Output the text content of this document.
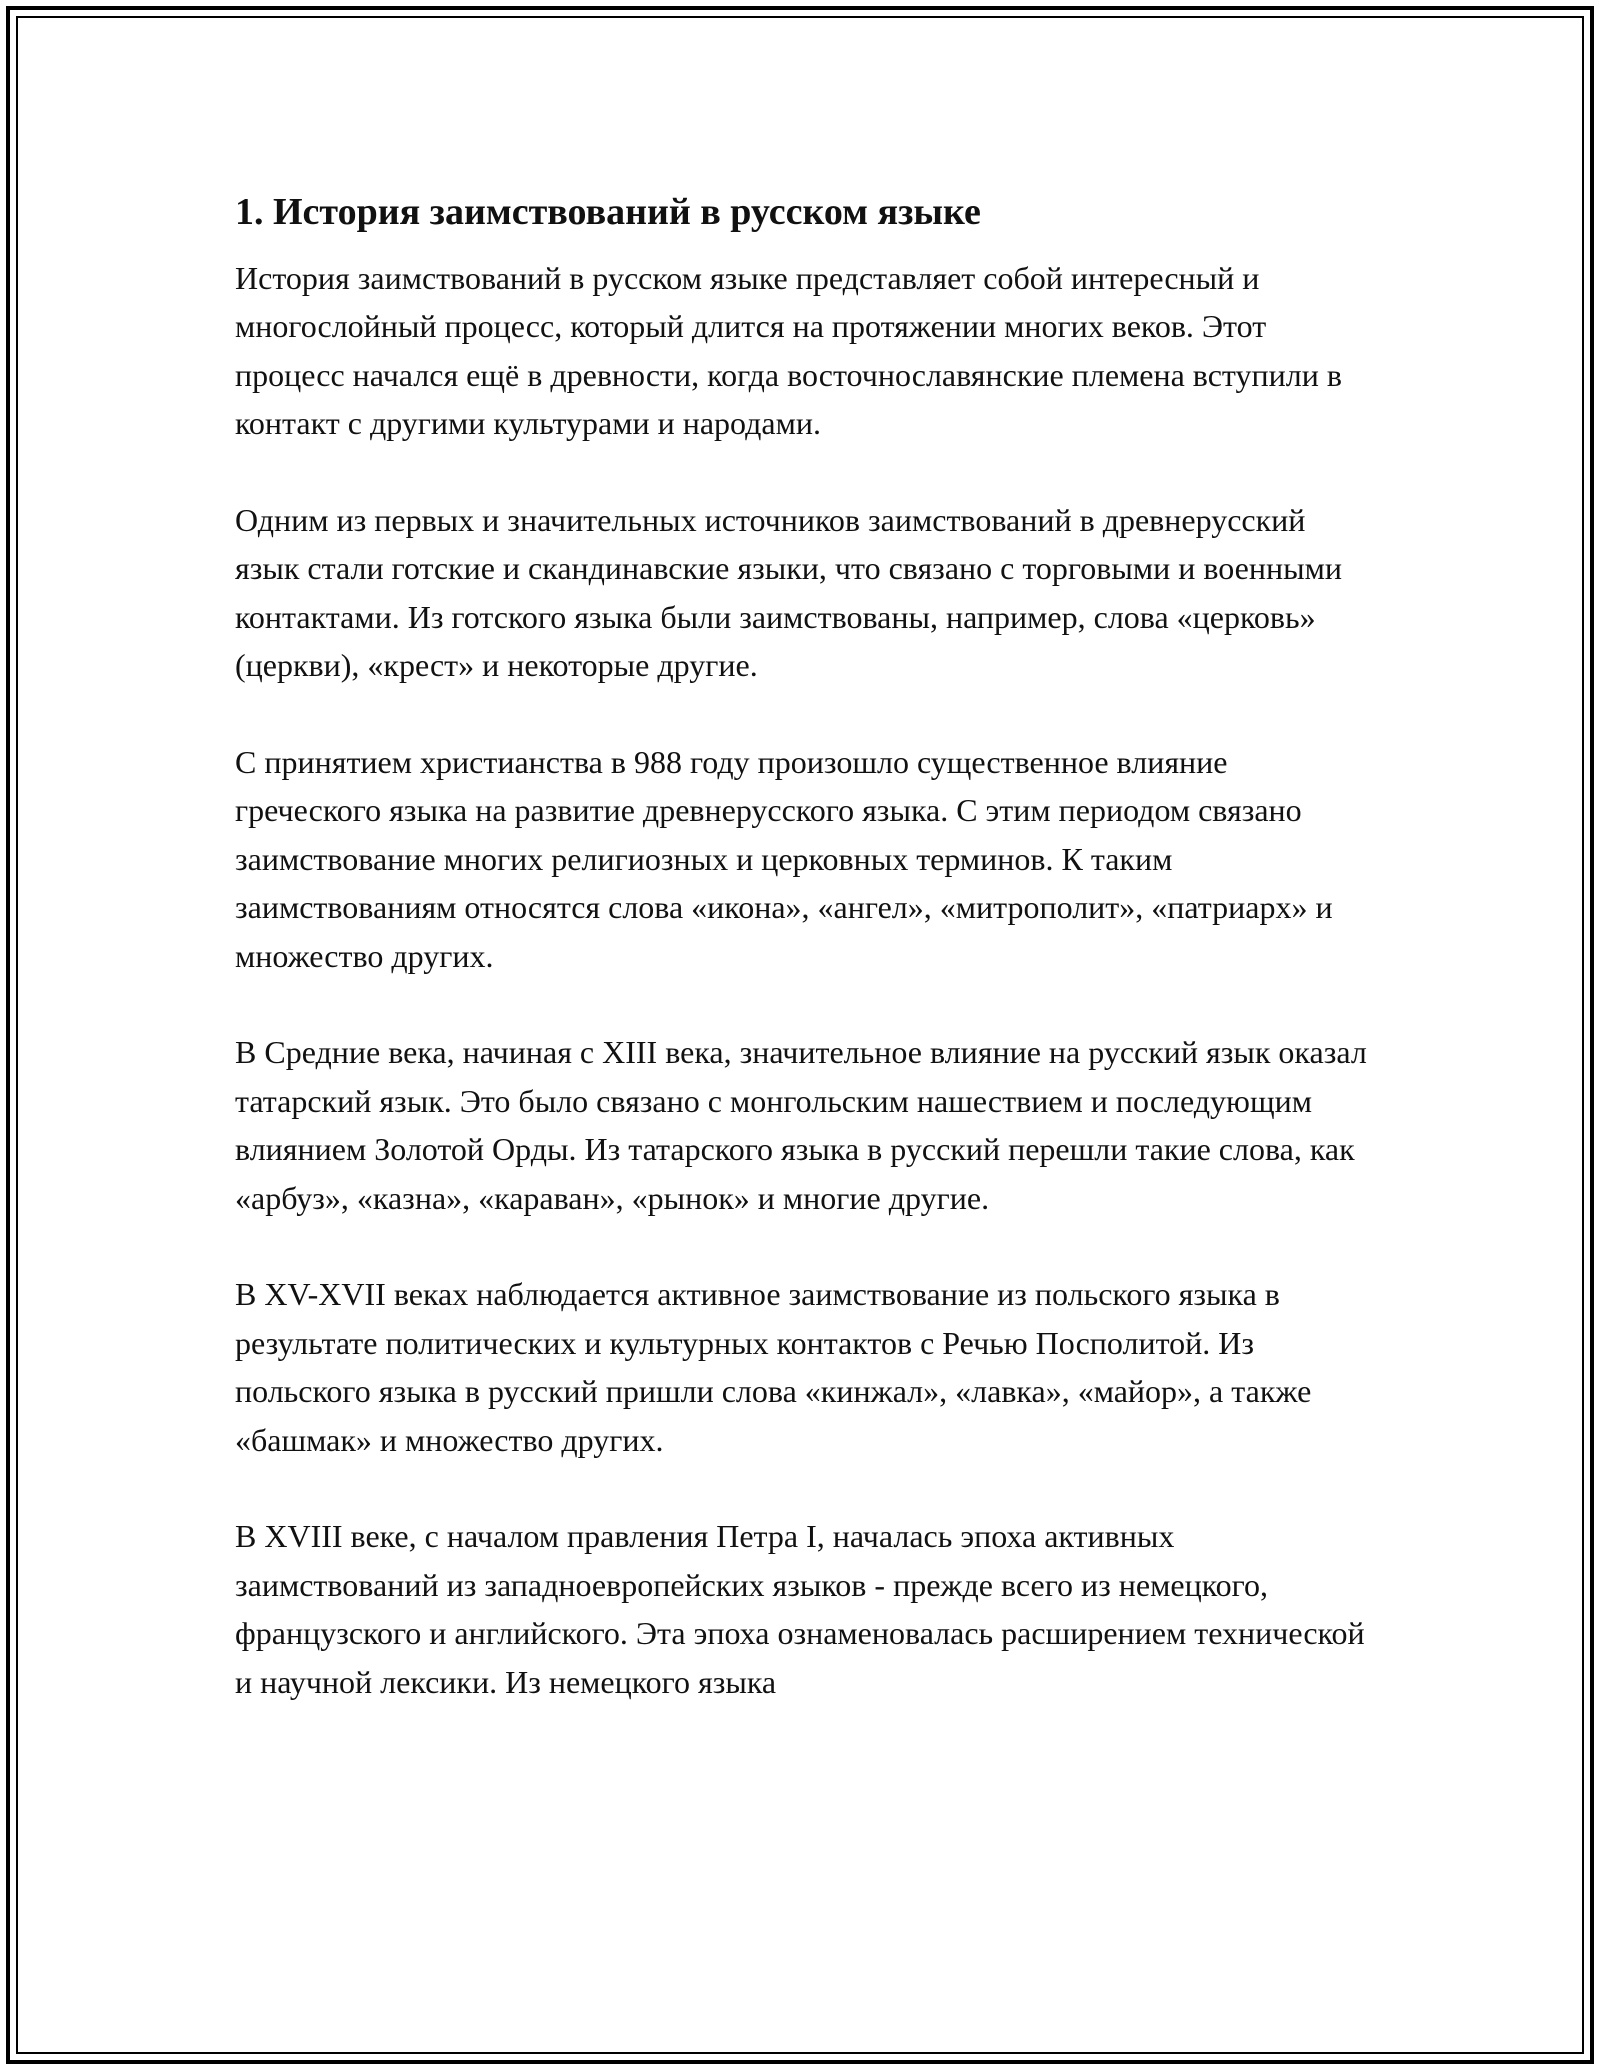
1. История заимствований в русском языке

История заимствований в русском языке представляет собой интересный и многослойный процесс, который длится на протяжении многих веков. Этот процесс начался ещё в древности, когда восточнославянские племена вступили в контакт с другими культурами и народами.

Одним из первых и значительных источников заимствований в древнерусский язык стали готские и скандинавские языки, что связано с торговыми и военными контактами. Из готского языка были заимствованы, например, слова «церковь» (церкви), «крест» и некоторые другие.

С принятием христианства в 988 году произошло существенное влияние греческого языка на развитие древнерусского языка. С этим периодом связано заимствование многих религиозных и церковных терминов. К таким заимствованиям относятся слова «икона», «ангел», «митрополит», «патриарх» и множество других.

В Средние века, начиная с XIII века, значительное влияние на русский язык оказал татарский язык. Это было связано с монгольским нашествием и последующим влиянием Золотой Орды. Из татарского языка в русский перешли такие слова, как «арбуз», «казна», «караван», «рынок» и многие другие.

В XV-XVII веках наблюдается активное заимствование из польского языка в результате политических и культурных контактов с Речью Посполитой. Из польского языка в русский пришли слова «кинжал», «лавка», «майор», а также «башмак» и множество других.

В XVIII веке, с началом правления Петра I, началась эпоха активных заимствований из западноевропейских языков - прежде всего из немецкого, французского и английского. Эта эпоха ознаменовалась расширением технической и научной лексики. Из немецкого языка
